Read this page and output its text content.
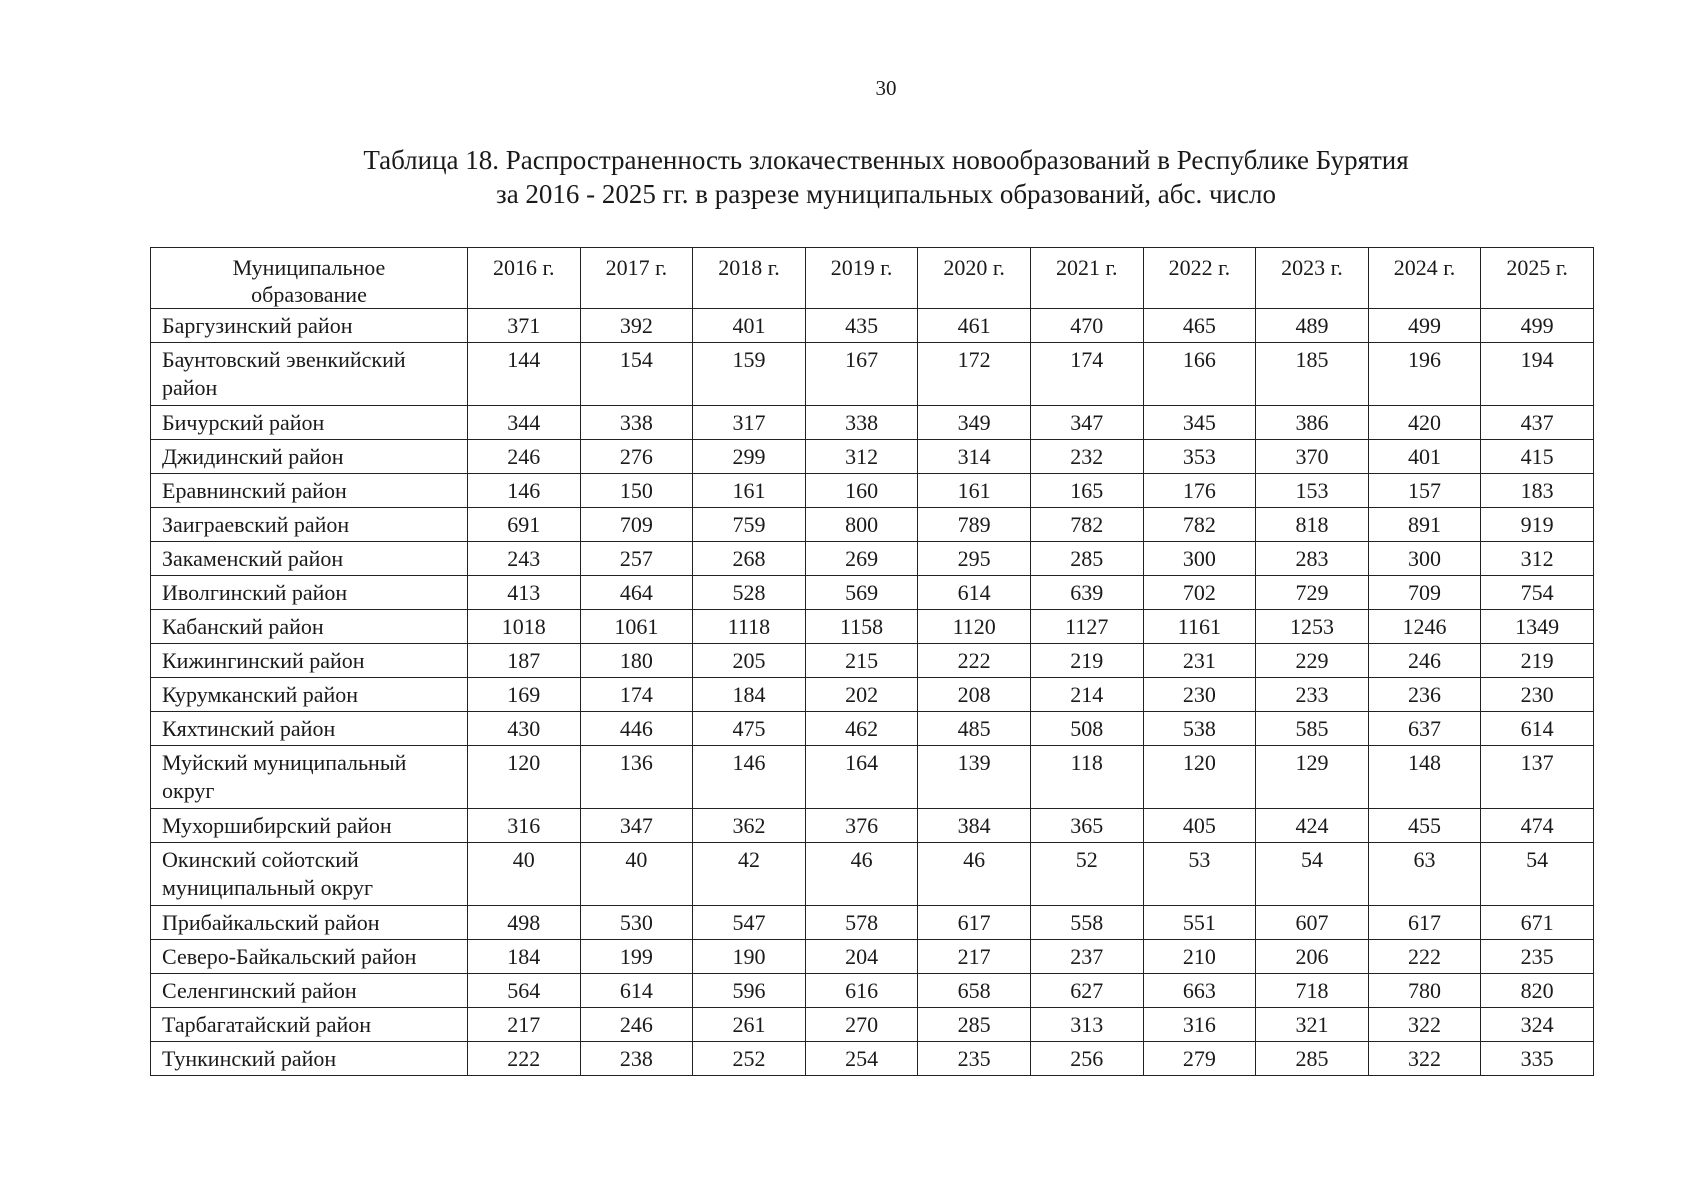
30
Таблица 18. Распространенность злокачественных новообразований в Республике Бурятия
за 2016 - 2025 гг. в разрезе муниципальных образований, абс. число
Муниципальное образование	2016 г.	2017 г.	2018 г.	2019 г.	2020 г.	2021 г.	2022 г.	2023 г.	2024 г.	2025 г.
Баргузинский район	371	392	401	435	461	470	465	489	499	499
Баунтовский эвенкийский район	144	154	159	167	172	174	166	185	196	194
Бичурский район	344	338	317	338	349	347	345	386	420	437
Джидинский район	246	276	299	312	314	232	353	370	401	415
Еравнинский район	146	150	161	160	161	165	176	153	157	183
Заиграевский район	691	709	759	800	789	782	782	818	891	919
Закаменский район	243	257	268	269	295	285	300	283	300	312
Иволгинский район	413	464	528	569	614	639	702	729	709	754
Кабанский район	1018	1061	1118	1158	1120	1127	1161	1253	1246	1349
Кижингинский район	187	180	205	215	222	219	231	229	246	219
Курумканский район	169	174	184	202	208	214	230	233	236	230
Кяхтинский район	430	446	475	462	485	508	538	585	637	614
Муйский муниципальный округ	120	136	146	164	139	118	120	129	148	137
Мухоршибирский район	316	347	362	376	384	365	405	424	455	474
Окинский сойотский муниципальный округ	40	40	42	46	46	52	53	54	63	54
Прибайкальский район	498	530	547	578	617	558	551	607	617	671
Северо-Байкальский район	184	199	190	204	217	237	210	206	222	235
Селенгинский район	564	614	596	616	658	627	663	718	780	820
Тарбагатайский район	217	246	261	270	285	313	316	321	322	324
Тункинский район	222	238	252	254	235	256	279	285	322	335
